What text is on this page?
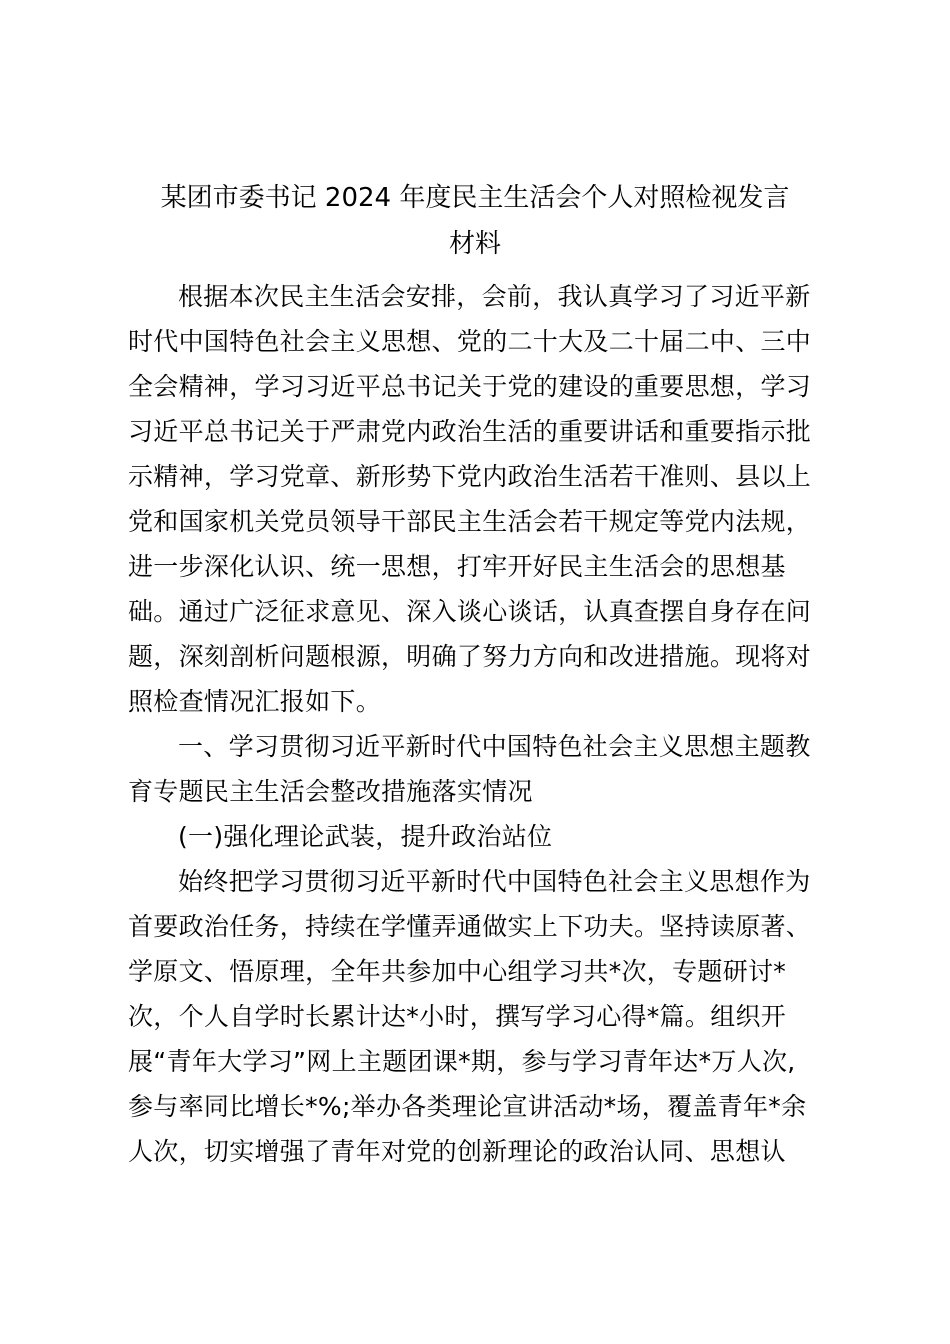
某团市委书记 2024 年度民主生活会个人对照检视发言
材料
根据本次民主生活会安排，会前，我认真学习了习近平新
时代中国特色社会主义思想、党的二十大及二十届二中、三中
全会精神，学习习近平总书记关于党的建设的重要思想，学习
习近平总书记关于严肃党内政治生活的重要讲话和重要指示批
示精神，学习党章、新形势下党内政治生活若干准则、县以上
党和国家机关党员领导干部民主生活会若干规定等党内法规，
进一步深化认识、统一思想，打牢开好民主生活会的思想基
础。通过广泛征求意见、深入谈心谈话，认真查摆自身存在问
题，深刻剖析问题根源，明确了努力方向和改进措施。现将对
照检查情况汇报如下。
一、学习贯彻习近平新时代中国特色社会主义思想主题教
育专题民主生活会整改措施落实情况
(一)强化理论武装，提升政治站位
始终把学习贯彻习近平新时代中国特色社会主义思想作为
首要政治任务，持续在学懂弄通做实上下功夫。坚持读原著、
学原文、悟原理，全年共参加中心组学习共*次，专题研讨*
次，个人自学时长累计达*小时，撰写学习心得*篇。组织开
展“青年大学习”网上主题团课*期，参与学习青年达*万人次,
参与率同比增长*%;举办各类理论宣讲活动*场，覆盖青年*余
人次，切实增强了青年对党的创新理论的政治认同、思想认
